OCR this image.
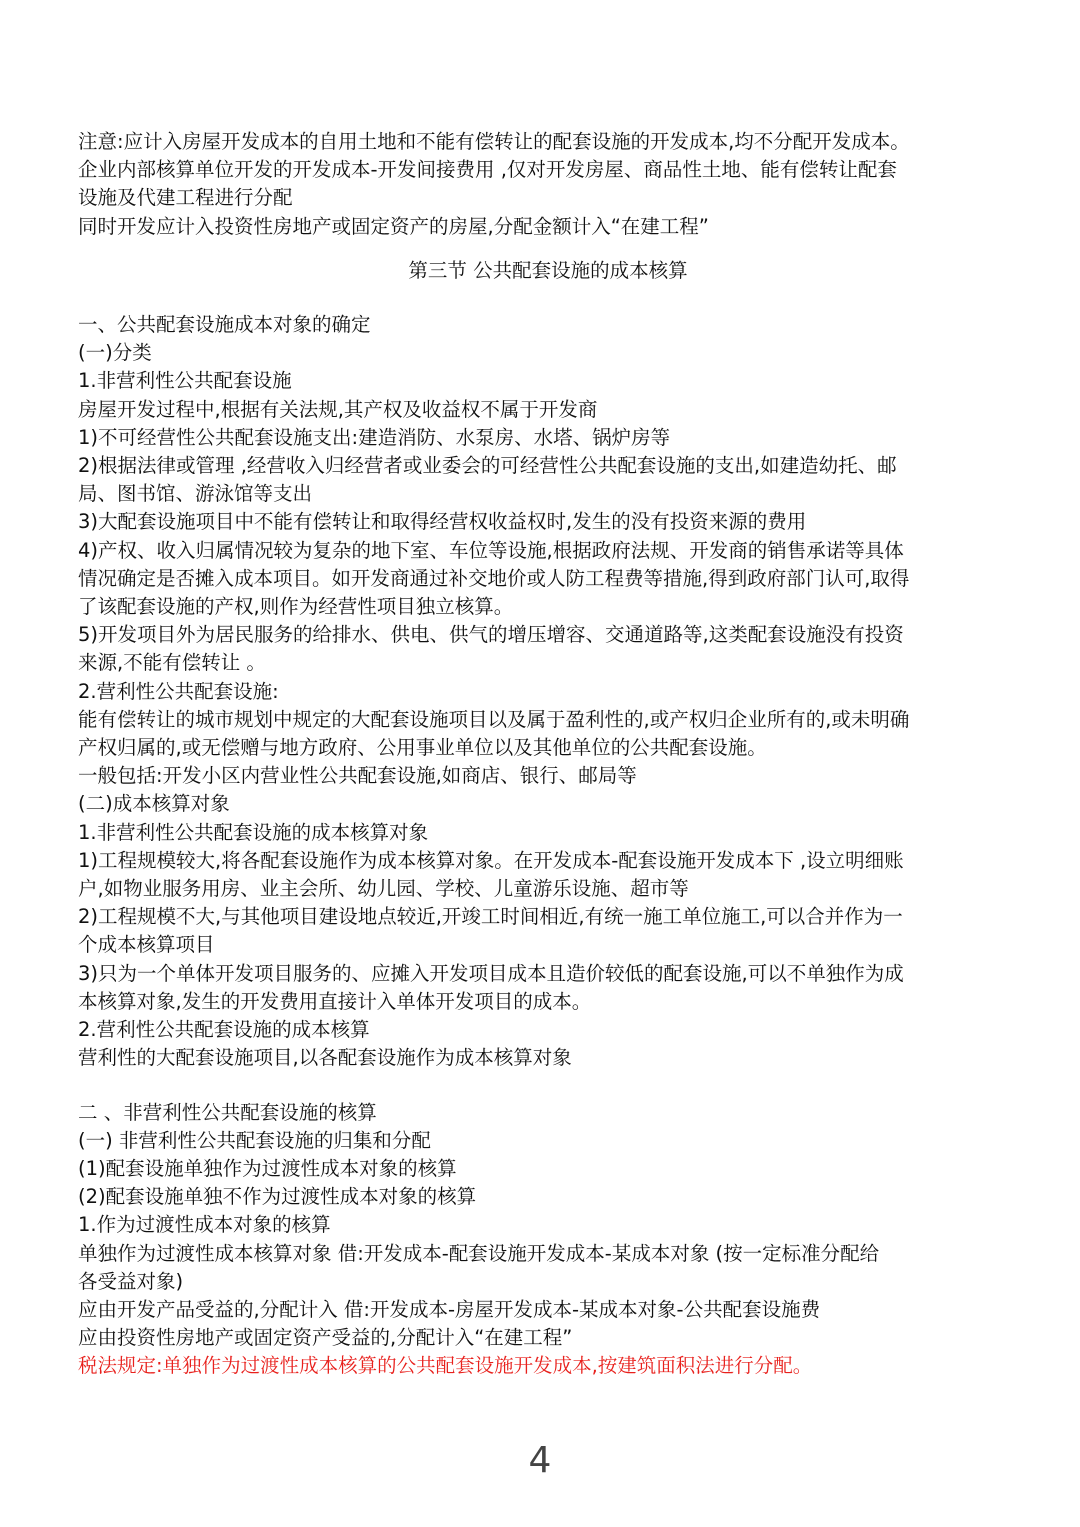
注意:应计入房屋开发成本的自用土地和不能有偿转让的配套设施的开发成本,均不分配开发成本。

企业内部核算单位开发的开发成本-开发间接费用 ,仅对开发房屋、商品性土地、能有偿转让配套

设施及代建工程进行分配

同时开发应计入投资性房地产或固定资产的房屋,分配金额计入“在建工程”

第三节 公共配套设施的成本核算

一、公共配套设施成本对象的确定

(一)分类

1.非营利性公共配套设施

房屋开发过程中,根据有关法规,其产权及收益权不属于开发商

1)不可经营性公共配套设施支出:建造消防、水泵房、水塔、锅炉房等

2)根据法律或管理 ,经营收入归经营者或业委会的可经营性公共配套设施的支出,如建造幼托、邮

局、图书馆、游泳馆等支出

3)大配套设施项目中不能有偿转让和取得经营权收益权时,发生的没有投资来源的费用

4)产权、收入归属情况较为复杂的地下室、车位等设施,根据政府法规、开发商的销售承诺等具体

情况确定是否摊入成本项目。如开发商通过补交地价或人防工程费等措施,得到政府部门认可,取得

了该配套设施的产权,则作为经营性项目独立核算。

5)开发项目外为居民服务的给排水、供电、供气的增压增容、交通道路等,这类配套设施没有投资

来源,不能有偿转让 。

2.营利性公共配套设施:

能有偿转让的城市规划中规定的大配套设施项目以及属于盈利性的,或产权归企业所有的,或未明确

产权归属的,或无偿赠与地方政府、公用事业单位以及其他单位的公共配套设施。

一般包括:开发小区内营业性公共配套设施,如商店、银行、邮局等

(二)成本核算对象

1.非营利性公共配套设施的成本核算对象

1)工程规模较大,将各配套设施作为成本核算对象。在开发成本-配套设施开发成本下 ,设立明细账

户,如物业服务用房、业主会所、幼儿园、学校、儿童游乐设施、超市等

2)工程规模不大,与其他项目建设地点较近,开竣工时间相近,有统一施工单位施工,可以合并作为一

个成本核算项目

3)只为一个单体开发项目服务的、应摊入开发项目成本且造价较低的配套设施,可以不单独作为成

本核算对象,发生的开发费用直接计入单体开发项目的成本。

2.营利性公共配套设施的成本核算

营利性的大配套设施项目,以各配套设施作为成本核算对象

二 、非营利性公共配套设施的核算

(一) 非营利性公共配套设施的归集和分配

(1)配套设施单独作为过渡性成本对象的核算

(2)配套设施单独不作为过渡性成本对象的核算

1.作为过渡性成本对象的核算

单独作为过渡性成本核算对象 借:开发成本-配套设施开发成本-某成本对象 (按一定标准分配给

各受益对象)

应由开发产品受益的,分配计入 借:开发成本-房屋开发成本-某成本对象-公共配套设施费

应由投资性房地产或固定资产受益的,分配计入“在建工程”

税法规定:单独作为过渡性成本核算的公共配套设施开发成本,按建筑面积法进行分配。

4
